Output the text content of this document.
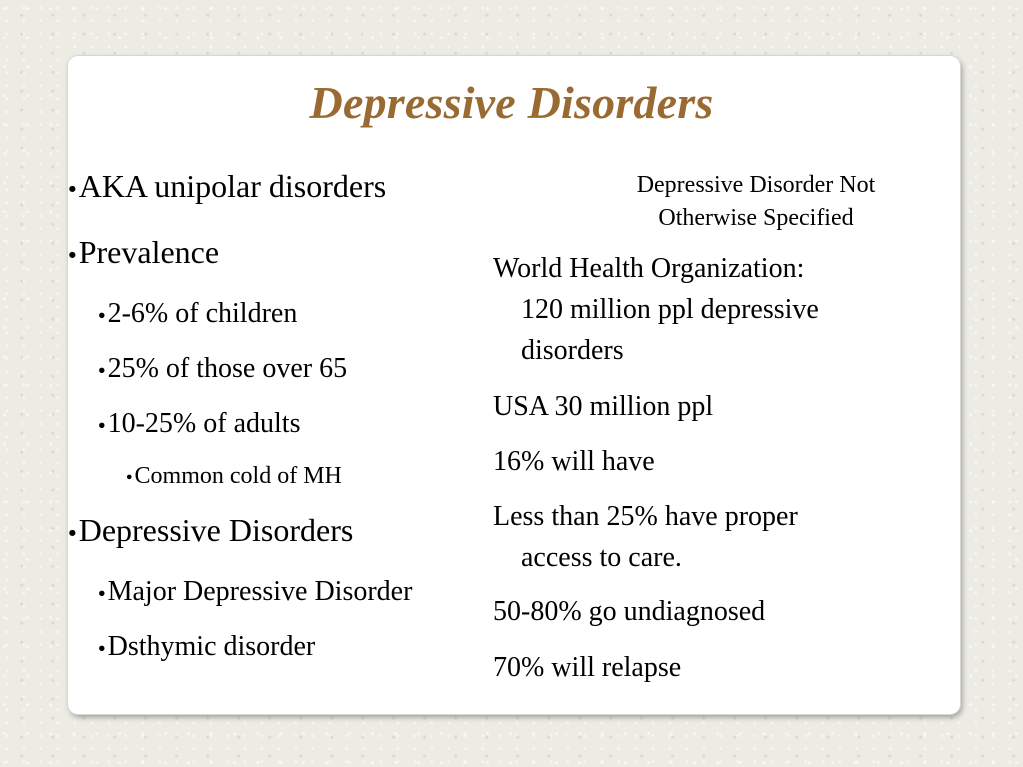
Depressive Disorders
●AKA unipolar disorders
●Prevalence
●2-6% of children
●25% of those over 65
●10-25% of adults
●Common cold of MH
●Depressive Disorders
●Major Depressive Disorder
●Dsthymic disorder
Depressive Disorder Not
Otherwise Specified
World Health Organization:
120 million ppl depressive
disorders
USA 30 million ppl
16% will have
Less than 25% have proper
access to care.
50-80% go undiagnosed
70% will relapse
